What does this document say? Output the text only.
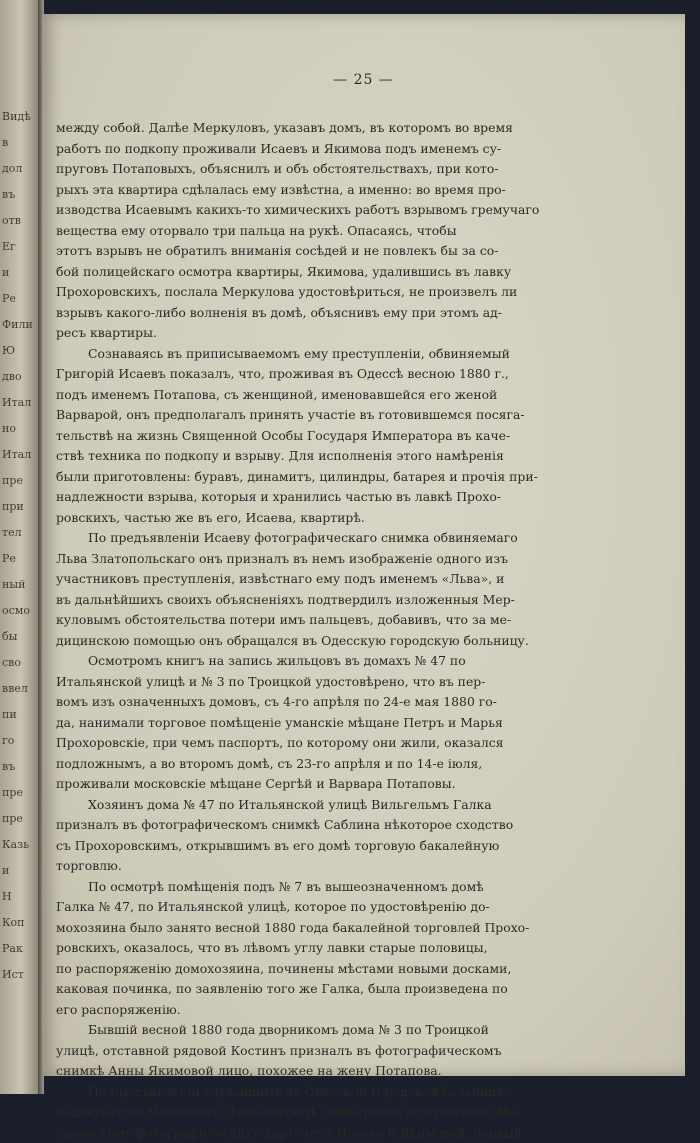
Видѣ
в
дол
въ
отв
Ег
и
Ре
Фили
Ю
дво
Итал
но
Итал
пре
при
тел
Ре
ный
осмо
бы
сво
ввел
пи
го
въ
пре
пре
Казь
и
Н
Коп
Рак
Ист
— 25 —
между собой. Далѣе Меркуловъ, указавъ домъ, въ которомъ во время
работъ по подкопу проживали Исаевъ и Якимова подъ именемъ су-
пруговъ Потаповыхъ, объяснилъ и объ обстоятельствахъ, при кото-
рыхъ эта квартира сдѣлалась ему извѣстна, а именно: во время про-
изводства Исаевымъ какихъ-то химическихъ работъ взрывомъ гремучаго
вещества ему оторвало три пальца на рукѣ. Опасаясь, чтобы
этотъ взрывъ не обратилъ вниманія сосѣдей и не повлекъ бы за со-
бой полицейскаго осмотра квартиры, Якимова, удалившись въ лавку
Прохоровскихъ, послала Меркулова удостовѣриться, не произвелъ ли
взрывъ какого-либо волненія въ домѣ, объяснивъ ему при этомъ ад-
ресъ квартиры.
Сознаваясь въ приписываемомъ ему преступленіи, обвиняемый
Григорій Исаевъ показалъ, что, проживая въ Одессѣ весною 1880 г.,
подъ именемъ Потапова, съ женщиной, именовавшейся его женой
Варварой, онъ предполагалъ принять участіе въ готовившемся посяга-
тельствѣ на жизнь Священной Особы Государя Императора въ каче-
ствѣ техника по подкопу и взрыву. Для исполненія этого намѣренія
были приготовлены: буравъ, динамитъ, цилиндры, батарея и прочія при-
надлежности взрыва, которыя и хранились частью въ лавкѣ Прохо-
ровскихъ, частью же въ его, Исаева, квартирѣ.
По предъявленіи Исаеву фотографическаго снимка обвиняемаго
Льва Златопольскаго онъ призналъ въ немъ изображеніе одного изъ
участниковъ преступленія, извѣстнаго ему подъ именемъ «Льва», и
въ дальнѣйшихъ своихъ объясненіяхъ подтвердилъ изложенныя Мер-
куловымъ обстоятельства потери имъ пальцевъ, добавивъ, что за ме-
дицинскою помощью онъ обращался въ Одесскую городскую больницу.
Осмотромъ книгъ на запись жильцовъ въ домахъ № 47 по
Итальянской улицѣ и № 3 по Троицкой удостовѣрено, что въ пер-
вомъ изъ означенныхъ домовъ, съ 4-го апрѣля по 24-е мая 1880 го-
да, нанимали торговое помѣщеніе уманскіе мѣщане Петръ и Марья
Прохоровскіе, при чемъ паспортъ, по которому они жили, оказался
подложнымъ, а во второмъ домѣ, съ 23-го апрѣля и по 14-е іюля,
проживали московскіе мѣщане Сергѣй и Варвара Потаповы.
Хозяинъ дома № 47 по Итальянской улицѣ Вильгельмъ Галка
призналъ въ фотографическомъ снимкѣ Саблина нѣкоторое сходство
съ Прохоровскимъ, открывшимъ въ его домѣ торговую бакалейную
торговлю.
По осмотрѣ помѣщенія подъ № 7 въ вышеозначенномъ домѣ
Галка № 47, по Итальянской улицѣ, которое по удостовѣренію до-
мохозяина было занято весной 1880 года бакалейной торговлей Прохо-
ровскихъ, оказалось, что въ лѣвомъ углу лавки старые половицы,
по распоряженію домохозяина, починены мѣстами новыми досками,
каковая починка, по заявленію того же Галка, была произведена по
его распоряженію.
Бывшій весной 1880 года дворникомъ дома № 3 по Троицкой
улицѣ, отставной рядовой Костинъ призналъ въ фотографическомъ
снимкѣ Анны Якимовой лицо, похожее на жену Потапова.
По предъявленіи служащимъ въ Одесской городской больницѣ:
надзирателю Михайлову, фельдшерицѣ Симборской и служителю Ма-
лаховскому фотографическихъ карточекъ Исаева и Якимовой, первый
